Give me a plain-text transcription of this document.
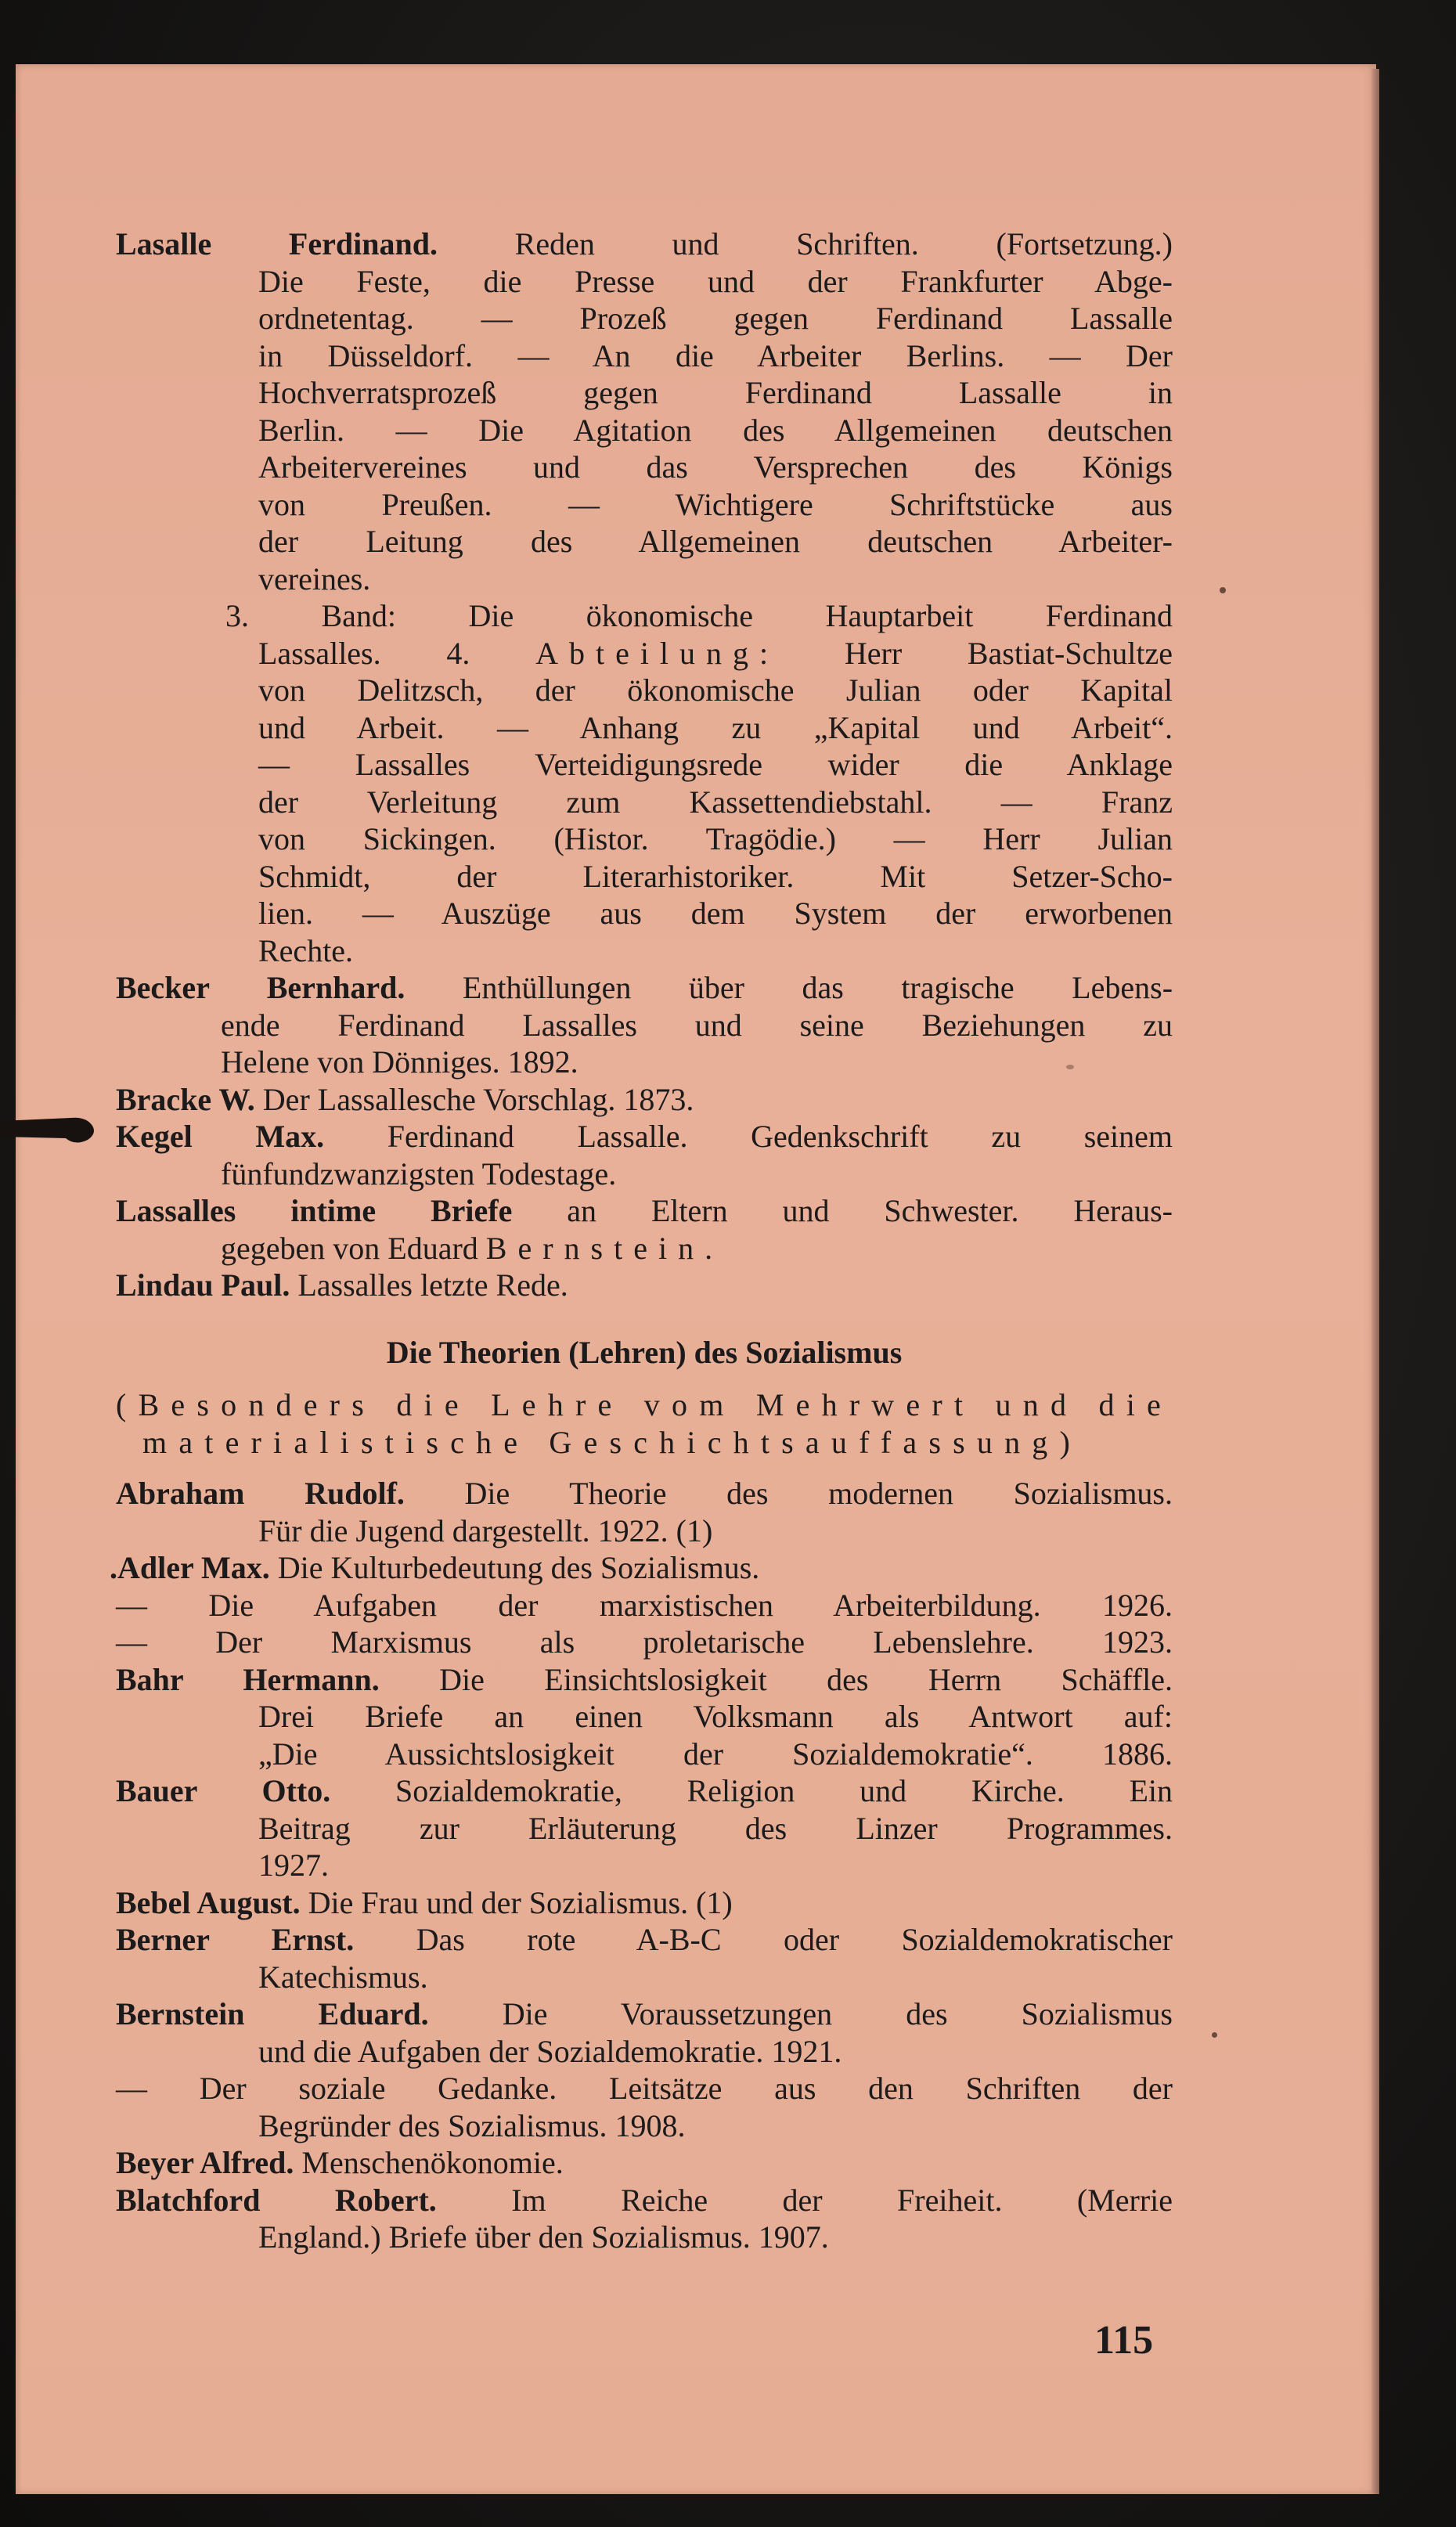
Lasalle Ferdinand. Reden und Schriften. (Fortsetzung.)
Die Feste, die Presse und der Frankfurter Abge-
ordnetentag. — Prozeß gegen Ferdinand Lassalle
in Düsseldorf. — An die Arbeiter Berlins. — Der
Hochverratsprozeß gegen Ferdinand Lassalle in
Berlin. — Die Agitation des Allgemeinen deutschen
Arbeitervereines und das Versprechen des Königs
von Preußen. — Wichtigere Schriftstücke aus
der Leitung des Allgemeinen deutschen Arbeiter-
vereines.
3. Band: Die ökonomische Hauptarbeit Ferdinand
Lassalles. 4. Abteilung: Herr Bastiat-Schultze
von Delitzsch, der ökonomische Julian oder Kapital
und Arbeit. — Anhang zu „Kapital und Arbeit“.
— Lassalles Verteidigungsrede wider die Anklage
der Verleitung zum Kassettendiebstahl. — Franz
von Sickingen. (Histor. Tragödie.) — Herr Julian
Schmidt, der Literarhistoriker. Mit Setzer-Scho-
lien. — Auszüge aus dem System der erworbenen
Rechte.
Becker Bernhard. Enthüllungen über das tragische Lebens-
ende Ferdinand Lassalles und seine Beziehungen zu
Helene von Dönniges. 1892.
Bracke W. Der Lassallesche Vorschlag. 1873.
Kegel Max. Ferdinand Lassalle. Gedenkschrift zu seinem
fünfundzwanzigsten Todestage.
Lassalles intime Briefe an Eltern und Schwester. Heraus-
gegeben von Eduard Bernstein.
Lindau Paul. Lassalles letzte Rede.
Die Theorien (Lehren) des Sozialismus
(Besonders die Lehre vom Mehrwert und die
materialistische Geschichtsauffassung)
Abraham Rudolf. Die Theorie des modernen Sozialismus.
Für die Jugend dargestellt. 1922. (1)
.Adler Max. Die Kulturbedeutung des Sozialismus.
— Die Aufgaben der marxistischen Arbeiterbildung. 1926.
— Der Marxismus als proletarische Lebenslehre. 1923.
Bahr Hermann. Die Einsichtslosigkeit des Herrn Schäffle.
Drei Briefe an einen Volksmann als Antwort auf:
„Die Aussichtslosigkeit der Sozialdemokratie“. 1886.
Bauer Otto. Sozialdemokratie, Religion und Kirche. Ein
Beitrag zur Erläuterung des Linzer Programmes.
1927.
Bebel August. Die Frau und der Sozialismus. (1)
Berner Ernst. Das rote A-B-C oder Sozialdemokratischer
Katechismus.
Bernstein Eduard. Die Voraussetzungen des Sozialismus
und die Aufgaben der Sozialdemokratie. 1921.
— Der soziale Gedanke. Leitsätze aus den Schriften der
Begründer des Sozialismus. 1908.
Beyer Alfred. Menschenökonomie.
Blatchford Robert. Im Reiche der Freiheit. (Merrie
England.) Briefe über den Sozialismus. 1907.
115
